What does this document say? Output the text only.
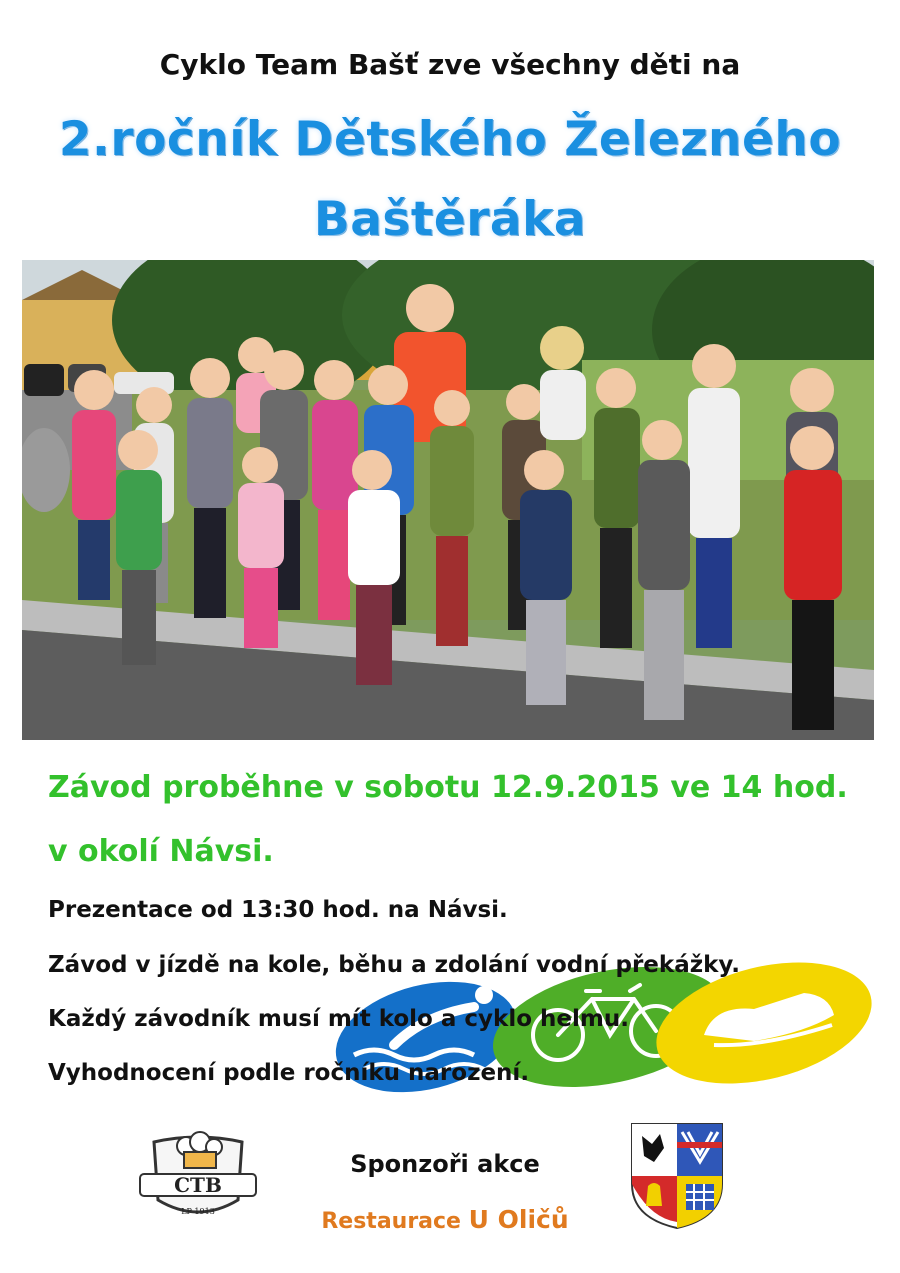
Cyklo Team Bašť zve všechny děti na
2.ročník Dětského Železného
Baštěráka
Závod proběhne v sobotu 12.9.2015 ve 14 hod.
v okolí Návsi.
Prezentace od 13:30 hod. na Návsi.
Závod v jízdě na kole, běhu a zdolání vodní překážky.
Každý závodník musí mít kolo a cyklo helmu.
Vyhodnocení podle ročníku narození.
CTB
LP 1913
Sponzoři akce
Restaurace U Oličů
